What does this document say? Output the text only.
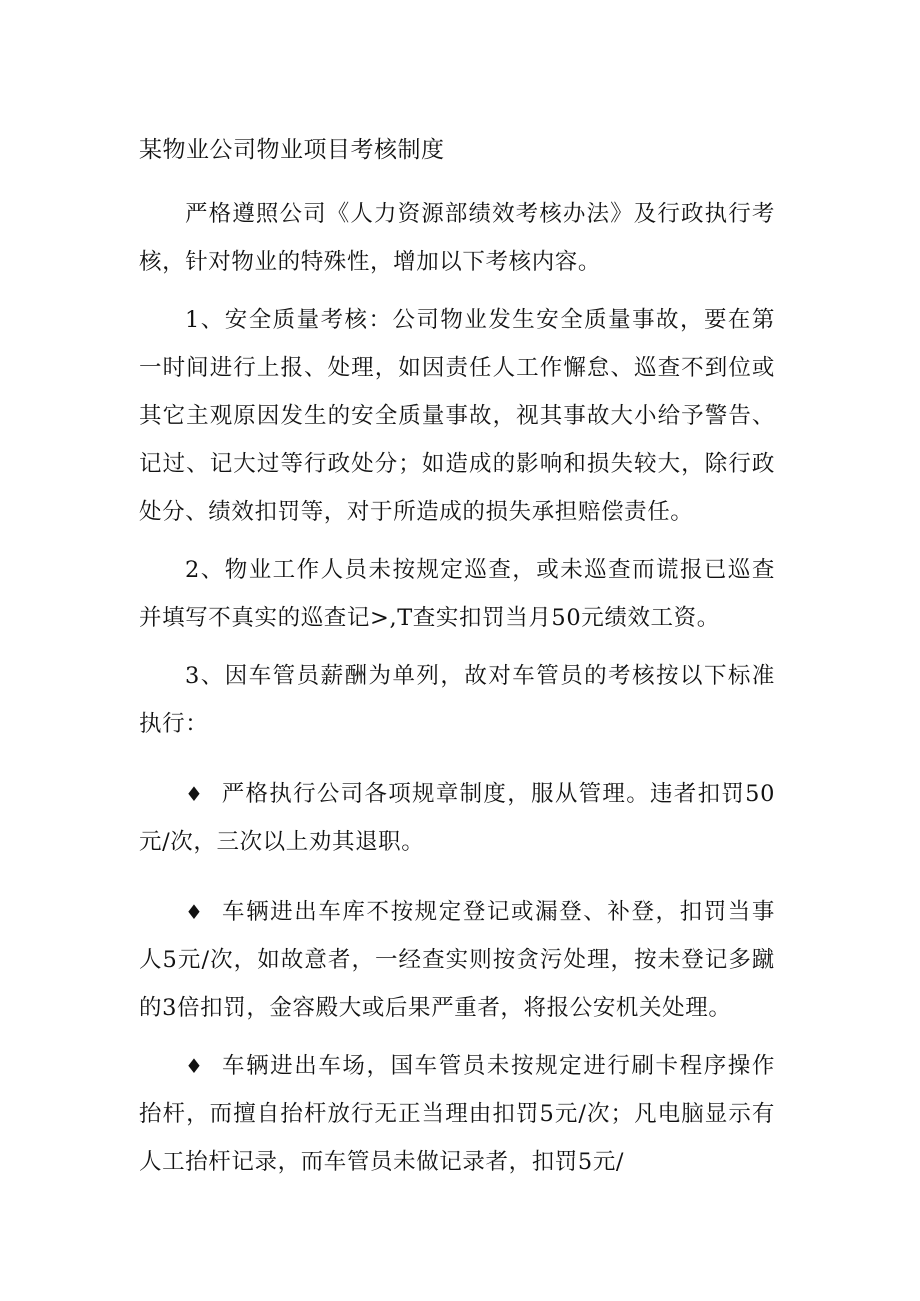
某物业公司物业项目考核制度

严格遵照公司《人力资源部绩效考核办法》及行政执行考核，针对物业的特殊性，增加以下考核内容。

1、安全质量考核：公司物业发生安全质量事故，要在第一时间进行上报、处理，如因责任人工作懈怠、巡查不到位或其它主观原因发生的安全质量事故，视其事故大小给予警告、记过、记大过等行政处分；如造成的影响和损失较大，除行政处分、绩效扣罚等，对于所造成的损失承担赔偿责任。

2、物业工作人员未按规定巡查，或未巡查而谎报已巡查并填写不真实的巡查记>,T查实扣罚当月50元绩效工资。

3、因车管员薪酬为单列，故对车管员的考核按以下标准执行：

♦ 严格执行公司各项规章制度，服从管理。违者扣罚50元/次，三次以上劝其退职。

♦ 车辆进出车库不按规定登记或漏登、补登，扣罚当事人5元/次，如故意者，一经查实则按贪污处理，按未登记多蹴的3倍扣罚，金容殿大或后果严重者，将报公安机关处理。

♦ 车辆进出车场，国车管员未按规定进行刷卡程序操作抬杆，而擅自抬杆放行无正当理由扣罚5元/次；凡电脑显示有人工抬杆记录，而车管员未做记录者，扣罚5元/
